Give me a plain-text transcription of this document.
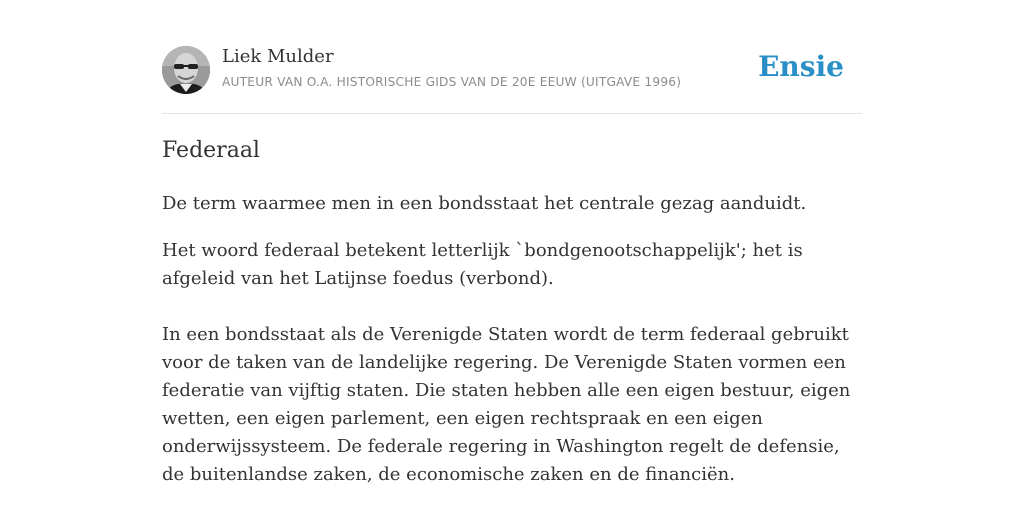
Liek Mulder
AUTEUR VAN O.A. HISTORISCHE GIDS VAN DE 20E EEUW (UITGAVE 1996)	Ensie
Federaal

De term waarmee men in een bondsstaat het centrale gezag aanduidt.

Het woord federaal betekent letterlijk `bondgenootschappelijk'; het is afgeleid van het Latijnse foedus (verbond).

In een bondsstaat als de Verenigde Staten wordt de term federaal gebruikt voor de taken van de landelijke regering. De Verenigde Staten vormen een federatie van vijftig staten. Die staten hebben alle een eigen bestuur, eigen wetten, een eigen parlement, een eigen rechtspraak en een eigen onderwijssysteem. De federale regering in Washington regelt de defensie, de buitenlandse zaken, de economische zaken en de financiën.
